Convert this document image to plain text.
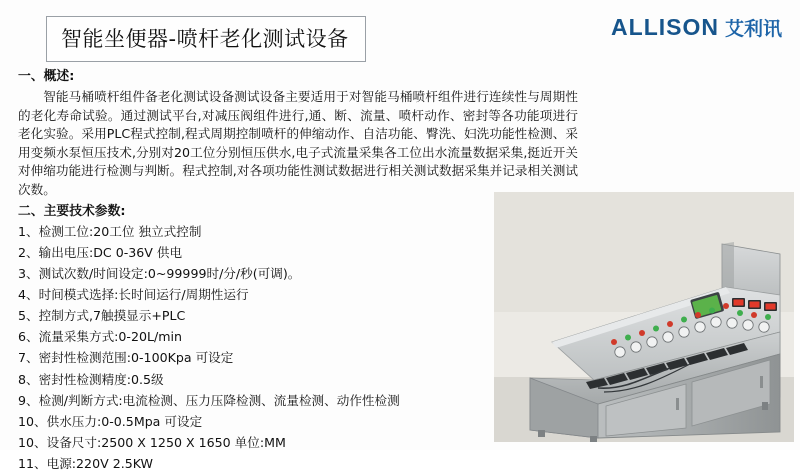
ALLISON 艾利讯
智能坐便器-喷杆老化测试设备
一、概述:
智能马桶喷杆组件备老化测试设备测试设备主要适用于对智能马桶喷杆组件进行连续性与周期性的老化寿命试验。通过测试平台,对减压阀组件进行,通、断、流量、喷杆动作、密封等各功能项进行老化实验。采用PLC程式控制,程式周期控制喷杆的伸缩动作、自洁功能、臀洗、妇洗功能性检测、采用变频水泵恒压技术,分别对20工位分别恒压供水,电子式流量采集各工位出水流量数据采集,挺近开关对伸缩功能进行检测与判断。程式控制,对各项功能性测试数据进行相关测试数据采集并记录相关测试次数。
二、主要技术参数:
1、检测工位:20工位 独立式控制
2、输出电压:DC 0-36V 供电
3、测试次数/时间设定:0~99999时/分/秒(可调)。
4、时间模式选择:长时间运行/周期性运行
5、控制方式,7触摸显示+PLC
6、流量采集方式:0-20L/min
7、密封性检测范围:0-100Kpa 可设定
8、密封性检测精度:0.5级
9、检测/判断方式:电流检测、压力压降检测、流量检测、动作性检测
10、供水压力:0-0.5Mpa 可设定
10、设备尺寸:2500 X 1250 X 1650 单位:MM
11、电源:220V 2.5KW
